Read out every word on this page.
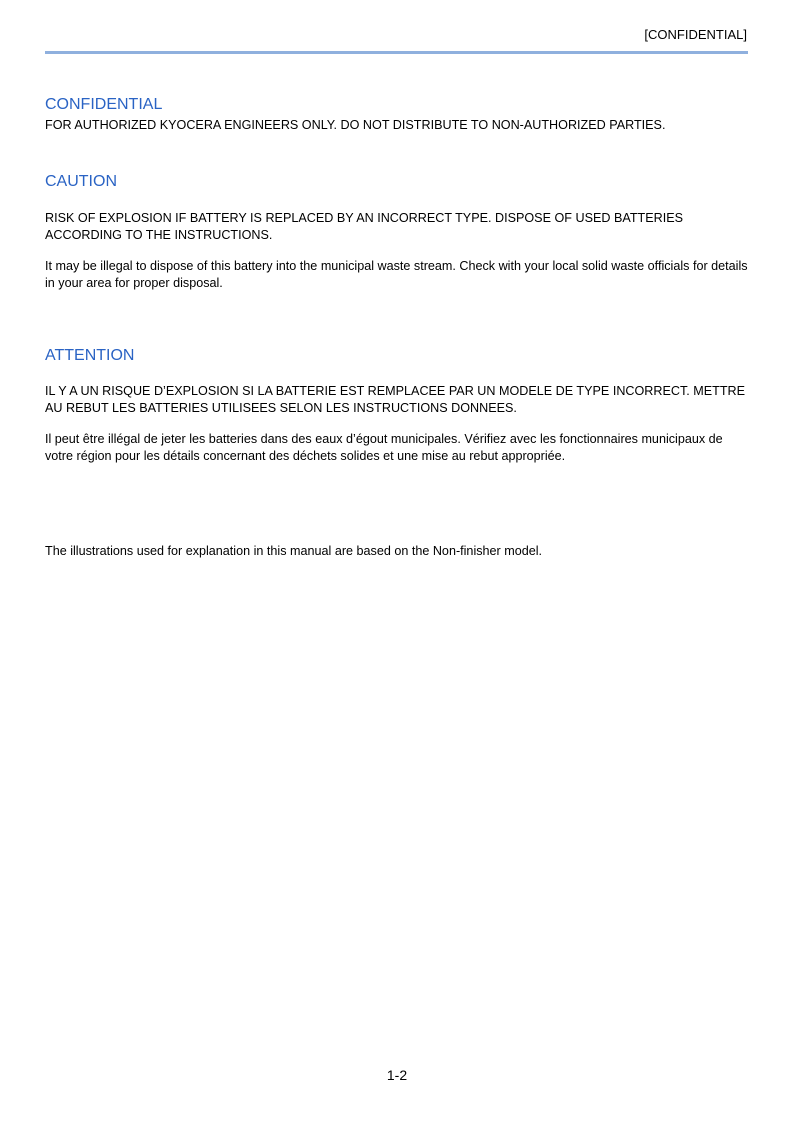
[CONFIDENTIAL]
CONFIDENTIAL

FOR AUTHORIZED KYOCERA ENGINEERS ONLY. DO NOT DISTRIBUTE TO NON-AUTHORIZED PARTIES.

CAUTION

RISK OF EXPLOSION IF BATTERY IS REPLACED BY AN INCORRECT TYPE. DISPOSE OF USED BATTERIES ACCORDING TO THE INSTRUCTIONS.

It may be illegal to dispose of this battery into the municipal waste stream. Check with your local solid waste officials for details in your area for proper disposal.

ATTENTION

IL Y A UN RISQUE D’EXPLOSION SI LA BATTERIE EST REMPLACEE PAR UN MODELE DE TYPE INCORRECT. METTRE AU REBUT LES BATTERIES UTILISEES SELON LES INSTRUCTIONS DONNEES.

Il peut être illégal de jeter les batteries dans des eaux d’égout municipales. Vérifiez avec les fonctionnaires municipaux de votre région pour les détails concernant des déchets solides et une mise au rebut appropriée.

The illustrations used for explanation in this manual are based on the Non-finisher model.

1-2
